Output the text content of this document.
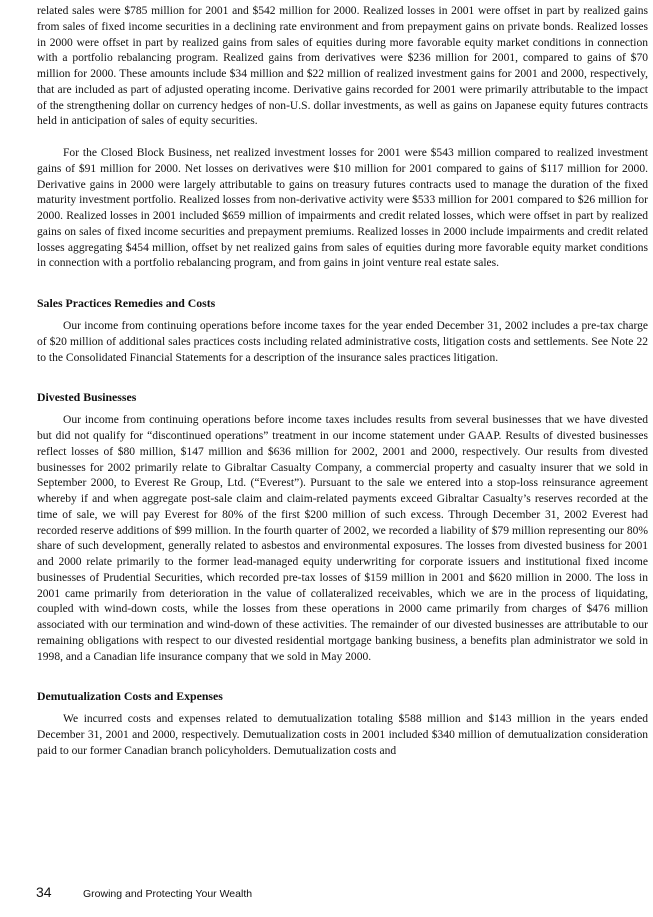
related sales were $785 million for 2001 and $542 million for 2000. Realized losses in 2001 were offset in part by realized gains from sales of fixed income securities in a declining rate environment and from prepayment gains on private bonds. Realized losses in 2000 were offset in part by realized gains from sales of equities during more favorable equity market conditions in connection with a portfolio rebalancing program. Realized gains from derivatives were $236 million for 2001, compared to gains of $70 million for 2000. These amounts include $34 million and $22 million of realized investment gains for 2001 and 2000, respectively, that are included as part of adjusted operating income. Derivative gains recorded for 2001 were primarily attributable to the impact of the strengthening dollar on currency hedges of non-U.S. dollar investments, as well as gains on Japanese equity futures contracts held in anticipation of sales of equity securities.

For the Closed Block Business, net realized investment losses for 2001 were $543 million compared to realized investment gains of $91 million for 2000. Net losses on derivatives were $10 million for 2001 compared to gains of $117 million for 2000. Derivative gains in 2000 were largely attributable to gains on treasury futures contracts used to manage the duration of the fixed maturity investment portfolio. Realized losses from non-derivative activity were $533 million for 2001 compared to $26 million for 2000. Realized losses in 2001 included $659 million of impairments and credit related losses, which were offset in part by realized gains on sales of fixed income securities and prepayment premiums. Realized losses in 2000 include impairments and credit related losses aggregating $454 million, offset by net realized gains from sales of equities during more favorable equity market conditions in connection with a portfolio rebalancing program, and from gains in joint venture real estate sales.

Sales Practices Remedies and Costs

Our income from continuing operations before income taxes for the year ended December 31, 2002 includes a pre-tax charge of $20 million of additional sales practices costs including related administrative costs, litigation costs and settlements. See Note 22 to the Consolidated Financial Statements for a description of the insurance sales practices litigation.

Divested Businesses

Our income from continuing operations before income taxes includes results from several businesses that we have divested but did not qualify for “discontinued operations” treatment in our income statement under GAAP. Results of divested businesses reflect losses of $80 million, $147 million and $636 million for 2002, 2001 and 2000, respectively. Our results from divested businesses for 2002 primarily relate to Gibraltar Casualty Company, a commercial property and casualty insurer that we sold in September 2000, to Everest Re Group, Ltd. (“Everest”). Pursuant to the sale we entered into a stop-loss reinsurance agreement whereby if and when aggregate post-sale claim and claim-related payments exceed Gibraltar Casualty’s reserves recorded at the time of sale, we will pay Everest for 80% of the first $200 million of such excess. Through December 31, 2002 Everest had recorded reserve additions of $99 million. In the fourth quarter of 2002, we recorded a liability of $79 million representing our 80% share of such development, generally related to asbestos and environmental exposures. The losses from divested business for 2001 and 2000 relate primarily to the former lead-managed equity underwriting for corporate issuers and institutional fixed income businesses of Prudential Securities, which recorded pre-tax losses of $159 million in 2001 and $620 million in 2000. The loss in 2001 came primarily from deterioration in the value of collateralized receivables, which we are in the process of liquidating, coupled with wind-down costs, while the losses from these operations in 2000 came primarily from charges of $476 million associated with our termination and wind-down of these activities. The remainder of our divested businesses are attributable to our remaining obligations with respect to our divested residential mortgage banking business, a benefits plan administrator we sold in 1998, and a Canadian life insurance company that we sold in May 2000.

Demutualization Costs and Expenses

We incurred costs and expenses related to demutualization totaling $588 million and $143 million in the years ended December 31, 2001 and 2000, respectively. Demutualization costs in 2001 included $340 million of demutualization consideration paid to our former Canadian branch policyholders. Demutualization costs and

34	Growing and Protecting Your Wealth
